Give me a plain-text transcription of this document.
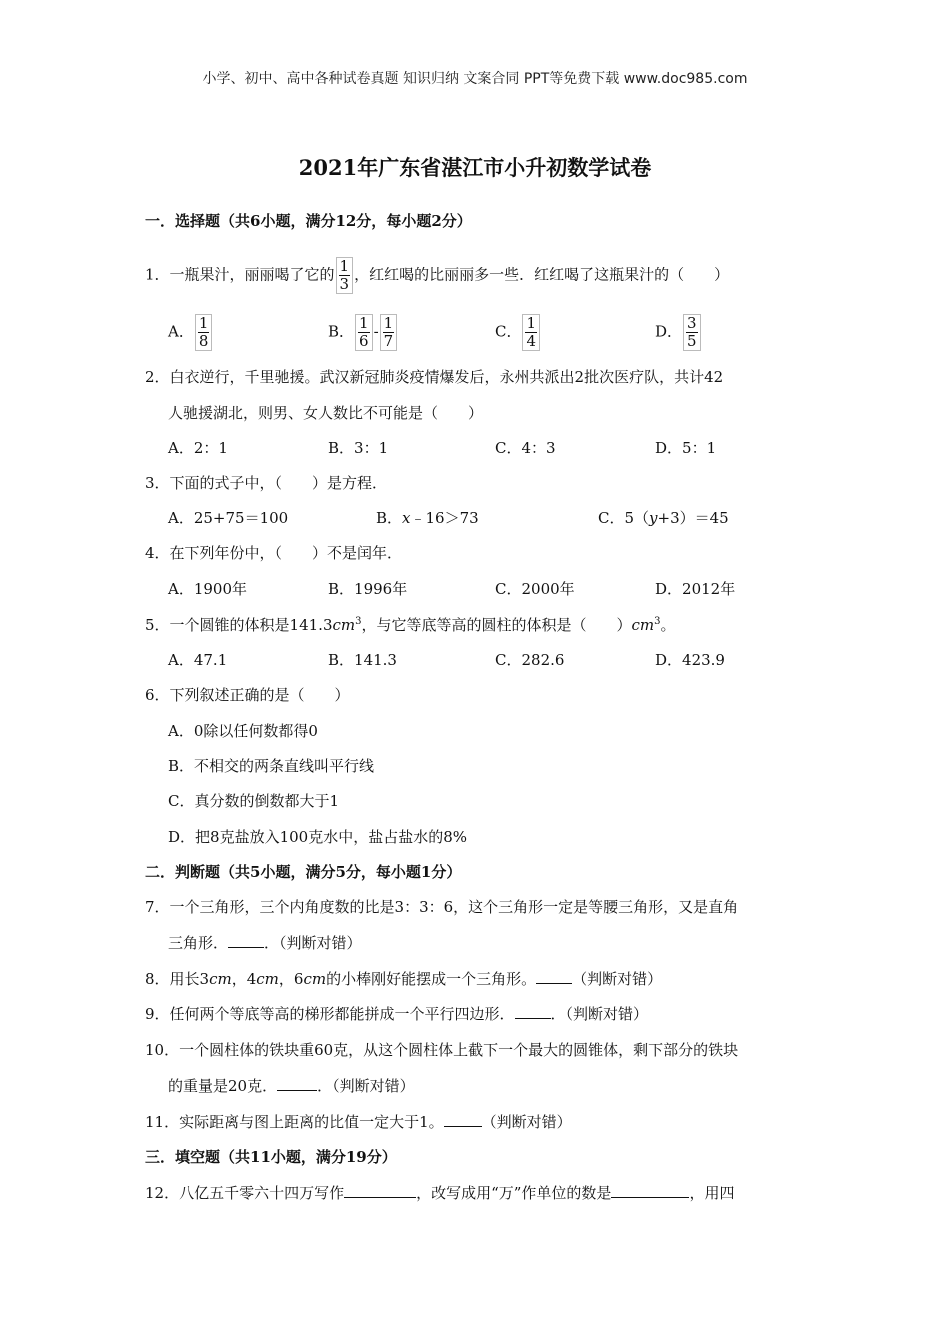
小学、初中、高中各种试卷真题 知识归纳 文案合同 PPT等免费下载 www.doc985.com
2021年广东省湛江市小升初数学试卷
一．选择题（共6小题，满分12分，每小题2分）
1．一瓶果汁，丽丽喝了它的 $\frac{1}{3}$ ，红红喝的比丽丽多一些．红红喝了这瓶果汁的（　　）
A． $\frac{1}{8}$	B． $\frac{1}{6} - \frac{1}{7}$	C． $\frac{1}{4}$	D． $\frac{3}{5}$
2．白衣逆行，千里驰援。武汉新冠肺炎疫情爆发后，永州共派出2批次医疗队，共计42
人驰援湖北，则男、女人数比不可能是（　　）
A．2：1	B．3：1	C．4：3	D．5：1
3．下面的式子中，（　　）是方程．
A．25+75＝100	B．x﹣16＞73	C．5（y+3）＝45
4．在下列年份中，（　　）不是闰年．
A．1900年	B．1996年	C．2000年	D．2012年
5．一个圆锥的体积是$141.3cm^3$，与它等底等高的圆柱的体积是（　　）$cm^3$。
A．47.1	B．141.3	C．282.6	D．423.9
6．下列叙述正确的是（　　）
A．0除以任何数都得0
B．不相交的两条直线叫平行线
C．真分数的倒数都大于1
D．把8克盐放入100克水中，盐占盐水的8%
二．判断题（共5小题，满分5分，每小题1分）
7．一个三角形，三个内角度数的比是3：3：6，这个三角形一定是等腰三角形，又是直角
三角形． ．（判断对错）
8．用长3cm，4cm，6cm的小棒刚好能摆成一个三角形。 （判断对错）
9．任何两个等底等高的梯形都能拼成一个平行四边形． ．（判断对错）
10．一个圆柱体的铁块重60克，从这个圆柱体上截下一个最大的圆锥体，剩下部分的铁块
的重量是20克．	．（判断对错）
11．实际距离与图上距离的比值一定大于1。	（判断对错）
三．填空题（共11小题，满分19分）
12．八亿五千零六十四万写作	，改写成用“万”作单位的数是	，用四
